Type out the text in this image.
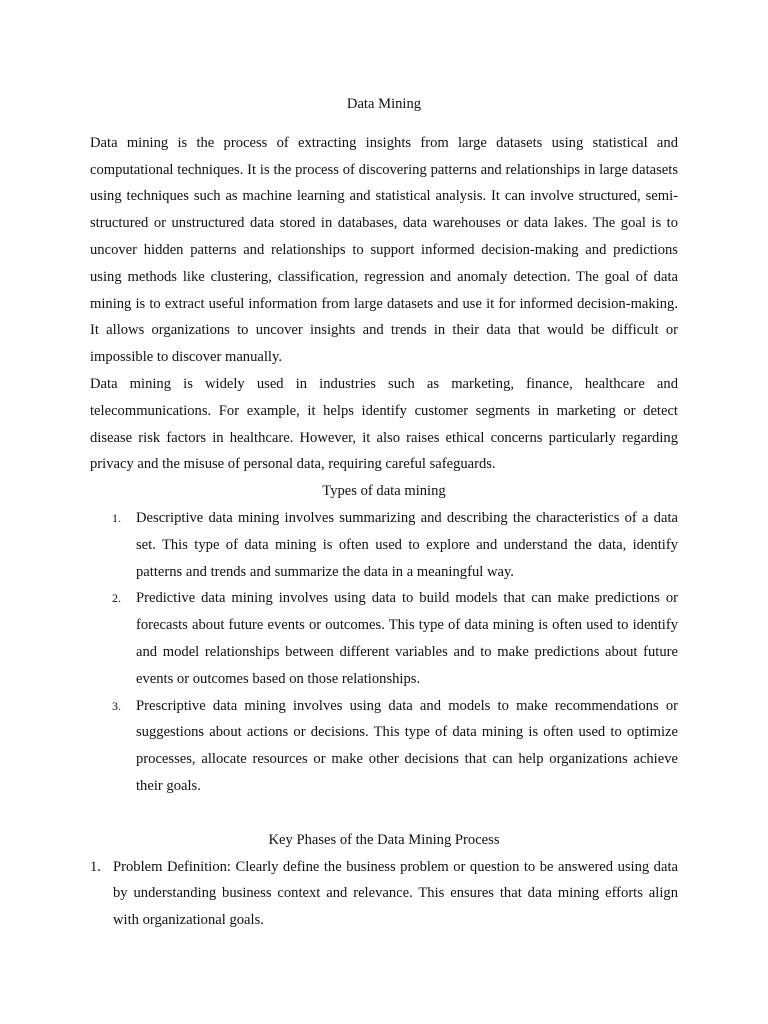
Data Mining

Data mining is the process of extracting insights from large datasets using statistical and computational techniques. It is the process of discovering patterns and relationships in large datasets using techniques such as machine learning and statistical analysis. It can involve structured, semi-structured or unstructured data stored in databases, data warehouses or data lakes. The goal is to uncover hidden patterns and relationships to support informed decision-making and predictions using methods like clustering, classification, regression and anomaly detection. The goal of data mining is to extract useful information from large datasets and use it for informed decision-making. It allows organizations to uncover insights and trends in their data that would be difficult or impossible to discover manually.

Data mining is widely used in industries such as marketing, finance, healthcare and telecommunications. For example, it helps identify customer segments in marketing or detect disease risk factors in healthcare. However, it also raises ethical concerns particularly regarding privacy and the misuse of personal data, requiring careful safeguards.

Types of data mining
1. Descriptive data mining involves summarizing and describing the characteristics of a data set. This type of data mining is often used to explore and understand the data, identify patterns and trends and summarize the data in a meaningful way.
2. Predictive data mining involves using data to build models that can make predictions or forecasts about future events or outcomes. This type of data mining is often used to identify and model relationships between different variables and to make predictions about future events or outcomes based on those relationships.
3. Prescriptive data mining involves using data and models to make recommendations or suggestions about actions or decisions. This type of data mining is often used to optimize processes, allocate resources or make other decisions that can help organizations achieve their goals.
Key Phases of the Data Mining Process
1. Problem Definition: Clearly define the business problem or question to be answered using data by understanding business context and relevance. This ensures that data mining efforts align with organizational goals.
